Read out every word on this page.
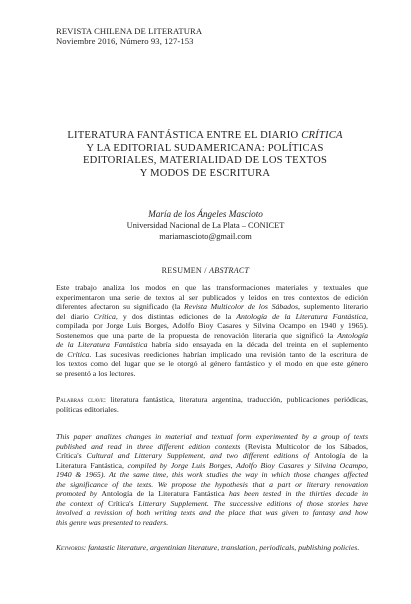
REVISTA CHILENA DE LITERATURA
Noviembre 2016, Número 93, 127-153
LITERATURA FANTÁSTICA ENTRE EL DIARIO CRÍTICA
Y LA EDITORIAL SUDAMERICANA: POLÍTICAS
EDITORIALES, MATERIALIDAD DE LOS TEXTOS
Y MODOS DE ESCRITURA
María de los Ángeles Mascioto
Universidad Nacional de La Plata – CONICET
mariamascioto@gmail.com
RESUMEN / ABSTRACT
Este trabajo analiza los modos en que las transformaciones materiales y textuales que
experimentaron una serie de textos al ser publicados y leídos en tres contextos de edición
diferentes afectaron su significado (la Revista Multicolor de los Sábados, suplemento literario
del diario Crítica, y dos distintas ediciones de la Antología de la Literatura Fantástica,
compilada por Jorge Luis Borges, Adolfo Bioy Casares y Silvina Ocampo en 1940 y 1965).
Sostenemos que una parte de la propuesta de renovación literaria que significó la Antología
de la Literatura Fantástica habría sido ensayada en la década del treinta en el suplemento
de Crítica. Las sucesivas reediciones habrían implicado una revisión tanto de la escritura de
los textos como del lugar que se le otorgó al género fantástico y el modo en que este género
se presentó a los lectores.
Palabras clave: literatura fantástica, literatura argentina, traducción, publicaciones periódicas,
políticas editoriales.
This paper analizes changes in material and textual form experimented by a group of texts
published and read in three different edition contexts (Revista Multicolor de los Sábados,
Crítica's Cultural and Litterary Supplement, and two different editions of Antología de la
Literatura Fantástica, compiled by Jorge Luis Borges, Adolfo Bioy Casares y Silvina Ocampo,
1940 & 1965). At the same time, this work studies the way in which those changes affected
the significance of the texts. We propose the hypothesis that a part or literary renovation
promoted by Antología de la Literatura Fantástica has been tested in the thirties decade in
the context of Crítica's Litterary Supplement. The successive editions of those stories have
involved a revission of both writing texts and the place that was given to fantasy and how
this genre was presented to readers.
Keywords: fantastic literature, argentinian literature, translation, periodicals, publishing policies.
